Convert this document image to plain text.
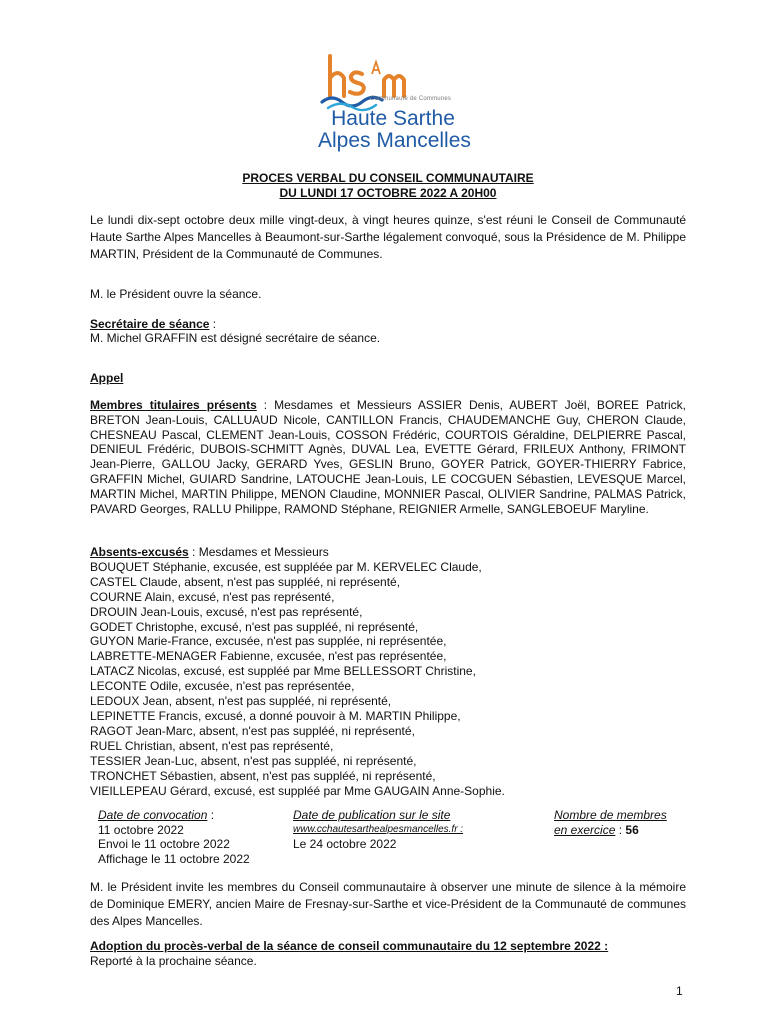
Communauté de Communes
Haute Sarthe
Alpes Mancelles
PROCES VERBAL DU CONSEIL COMMUNAUTAIRE
DU LUNDI 17 OCTOBRE 2022 A 20H00
Le lundi dix-sept octobre deux mille vingt-deux, à vingt heures quinze, s'est réuni le Conseil de Communauté Haute Sarthe Alpes Mancelles à Beaumont-sur-Sarthe légalement convoqué, sous la Présidence de M. Philippe MARTIN, Président de la Communauté de Communes.
M. le Président ouvre la séance.
Secrétaire de séance :
M. Michel GRAFFIN est désigné secrétaire de séance.
Appel
Membres titulaires présents : Mesdames et Messieurs ASSIER Denis, AUBERT Joël, BOREE Patrick, BRETON Jean-Louis, CALLUAUD Nicole, CANTILLON Francis, CHAUDEMANCHE Guy, CHERON Claude, CHESNEAU Pascal, CLEMENT Jean-Louis, COSSON Frédéric, COURTOIS Géraldine, DELPIERRE Pascal, DENIEUL Frédéric, DUBOIS-SCHMITT Agnès, DUVAL Lea, EVETTE Gérard, FRILEUX Anthony, FRIMONT Jean-Pierre, GALLOU Jacky, GERARD Yves, GESLIN Bruno, GOYER Patrick, GOYER-THIERRY Fabrice, GRAFFIN Michel, GUIARD Sandrine, LATOUCHE Jean-Louis, LE COCGUEN Sébastien, LEVESQUE Marcel, MARTIN Michel, MARTIN Philippe, MENON Claudine, MONNIER Pascal, OLIVIER Sandrine, PALMAS Patrick, PAVARD Georges, RALLU Philippe, RAMOND Stéphane, REIGNIER Armelle, SANGLEBOEUF Maryline.
Absents-excusés : Mesdames et Messieurs
BOUQUET Stéphanie, excusée, est suppléée par M. KERVELEC Claude,
CASTEL Claude, absent, n'est pas suppléé, ni représenté,
COURNE Alain, excusé, n'est pas représenté,
DROUIN Jean-Louis, excusé, n'est pas représenté,
GODET Christophe, excusé, n'est pas suppléé, ni représenté,
GUYON Marie-France, excusée, n'est pas supplée, ni représentée,
LABRETTE-MENAGER Fabienne, excusée, n'est pas représentée,
LATACZ Nicolas, excusé, est suppléé par Mme BELLESSORT Christine,
LECONTE Odile, excusée, n'est pas représentée,
LEDOUX Jean, absent, n'est pas suppléé, ni représenté,
LEPINETTE Francis, excusé, a donné pouvoir à M. MARTIN Philippe,
RAGOT Jean-Marc, absent, n'est pas suppléé, ni représenté,
RUEL Christian, absent, n'est pas représenté,
TESSIER Jean-Luc, absent, n'est pas suppléé, ni représenté,
TRONCHET Sébastien, absent, n'est pas suppléé, ni représenté,
VIEILLEPEAU Gérard, excusé, est suppléé par Mme GAUGAIN Anne-Sophie.
Date de convocation :
11 octobre 2022
Envoi le 11 octobre 2022
Affichage le 11 octobre 2022
Date de publication sur le site
www.cchautesarthealpesmancelles.fr :
Le 24 octobre 2022
Nombre de membres
en exercice : 56
M. le Président invite les membres du Conseil communautaire à observer une minute de silence à la mémoire de Dominique EMERY, ancien Maire de Fresnay-sur-Sarthe et vice-Président de la Communauté de communes des Alpes Mancelles.
Adoption du procès-verbal de la séance de conseil communautaire du 12 septembre 2022 :
Reporté à la prochaine séance.
1
